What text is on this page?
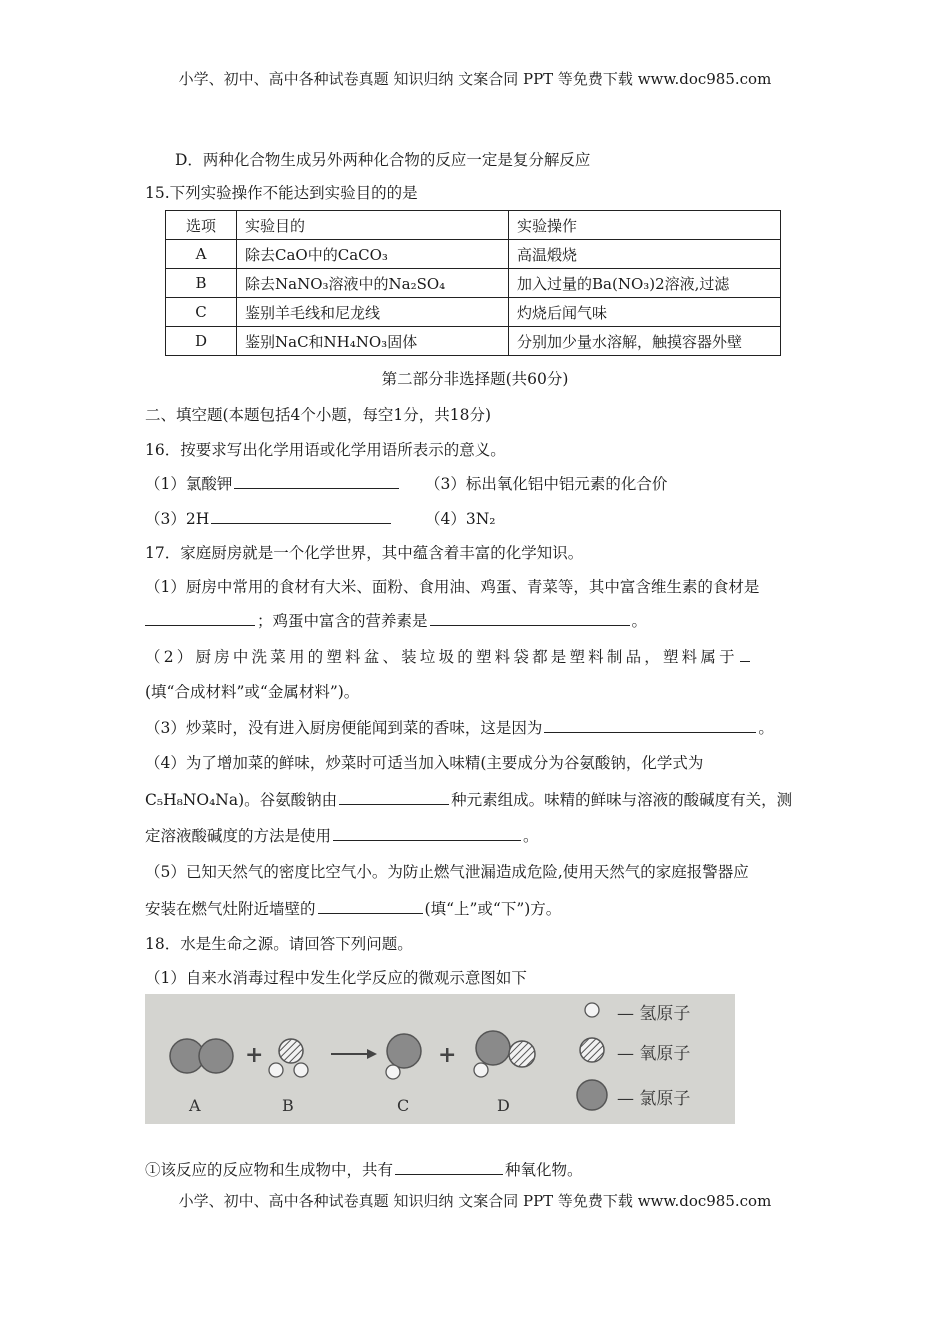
小学、初中、高中各种试卷真题 知识归纳 文案合同 PPT 等免费下载 www.doc985.com
D．两种化合物生成另外两种化合物的反应一定是复分解反应
15.下列实验操作不能达到实验目的的是
选项	实验目的	实验操作
A	除去CaO中的CaCO₃	高温煅烧
B	除去NaNO₃溶液中的Na₂SO₄	加入过量的Ba(NO₃)2溶液,过滤
C	鉴别羊毛线和尼龙线	灼烧后闻气味
D	鉴别NaC和NH₄NO₃固体	分别加少量水溶解，触摸容器外壁
第二部分非选择题(共60分)
二、填空题(本题包括4个小题，每空1分，共18分)
16．按要求写出化学用语或化学用语所表示的意义。
（1）氯酸钾	（3）标出氧化铝中铝元素的化合价
（3）2H	（4）3N₂
17．家庭厨房就是一个化学世界，其中蕴含着丰富的化学知识。
（1）厨房中常用的食材有大米、面粉、食用油、鸡蛋、青菜等，其中富含维生素的食材是
；鸡蛋中富含的营养素是	。
（2）厨房中洗菜用的塑料盆、装垃圾的塑料袋都是塑料制品，塑料属于
(填“合成材料”或“金属材料”)。
（3）炒菜时，没有进入厨房便能闻到菜的香味，这是因为	。
（4）为了增加菜的鲜味，炒菜时可适当加入味精(主要成分为谷氨酸钠，化学式为
C₅H₈NO₄Na)。谷氨酸钠由	种元素组成。味精的鲜味与溶液的酸碱度有关，测
定溶液酸碱度的方法是使用	。
（5）已知天然气的密度比空气小。为防止燃气泄漏造成危险,使用天然气的家庭报警器应
安装在燃气灶附近墙壁的	(填“上”或“下”)方。
18．水是生命之源。请回答下列问题。
（1）自来水消毒过程中发生化学反应的微观示意图如下
+	+
A	B	C	D
— 氢原子
— 氧原子
— 氯原子
①该反应的反应物和生成物中，共有	种氧化物。
小学、初中、高中各种试卷真题 知识归纳 文案合同 PPT 等免费下载 www.doc985.com
